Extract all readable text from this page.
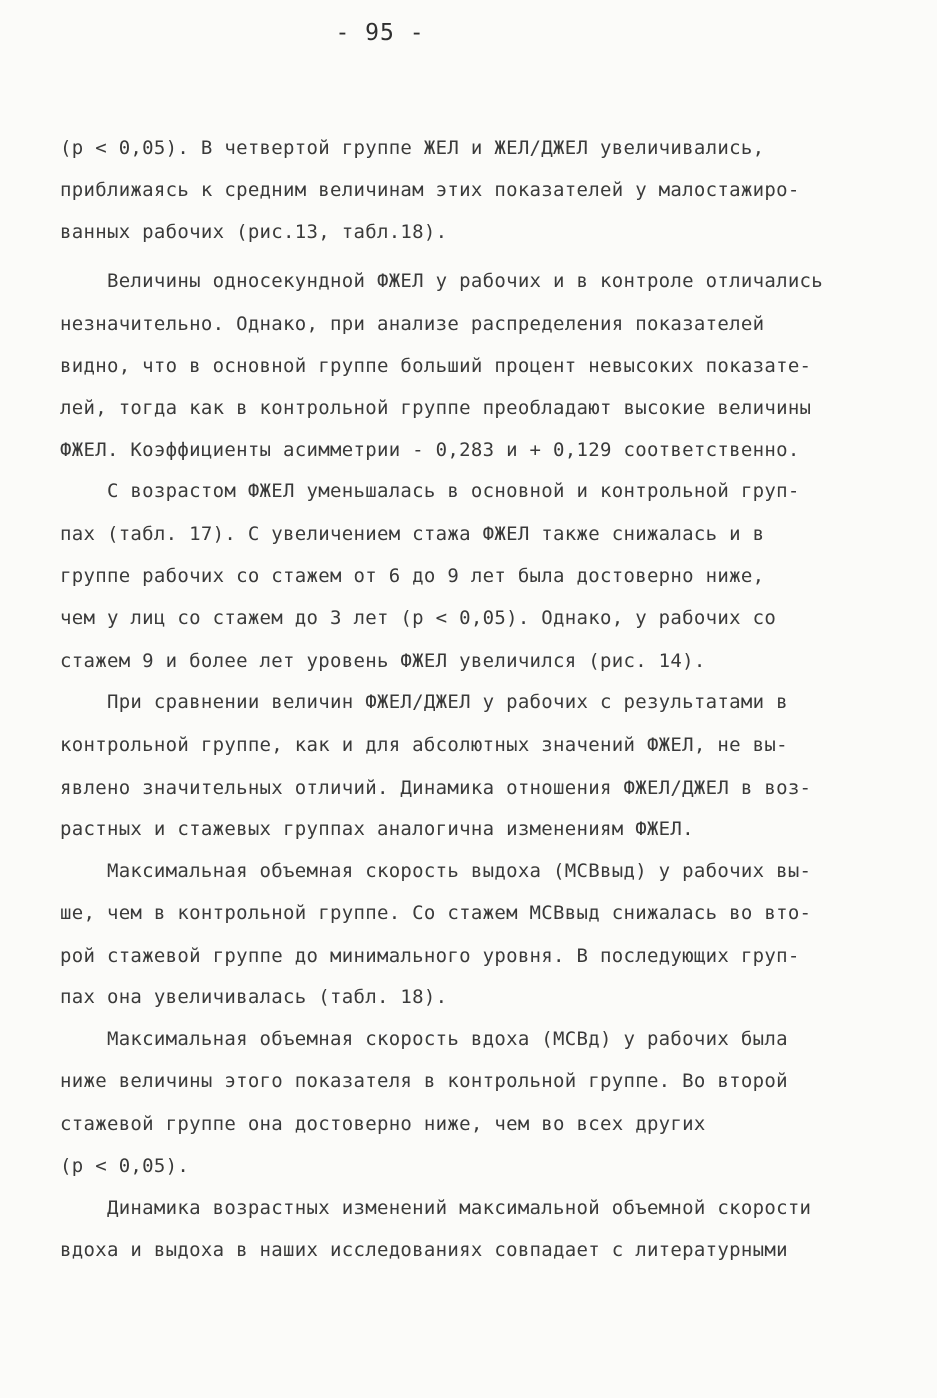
- 95 -
(р < 0,05). В четвертой группе ЖЕЛ и ЖЕЛ/ДЖЕЛ увеличивались,
приближаясь к средним величинам этих показателей у малостажиро-
ванных рабочих (рис.13, табл.18).
Величины односекундной ФЖЕЛ у рабочих и в контроле отличались
незначительно. Однако, при анализе распределения показателей
видно, что в основной группе больший процент невысоких показате-
лей, тогда как в контрольной группе преобладают высокие величины
ФЖЕЛ. Коэффициенты асимметрии - 0,283 и + 0,129 соответственно.
С возрастом ФЖЕЛ уменьшалась в основной и контрольной груп-
пах (табл. 17). С увеличением стажа ФЖЕЛ также снижалась и в
группе рабочих со стажем от 6 до 9 лет была достоверно ниже,
чем у лиц со стажем до 3 лет (р < 0,05). Однако, у рабочих со
стажем 9 и более лет уровень ФЖЕЛ увеличился (рис. 14).
При сравнении величин ФЖЕЛ/ДЖЕЛ у рабочих с результатами в
контрольной группе, как и для абсолютных значений ФЖЕЛ, не вы-
явлено значительных отличий. Динамика отношения ФЖЕЛ/ДЖЕЛ в воз-
растных и стажевых группах аналогична изменениям ФЖЕЛ.
Максимальная объемная скорость выдоха (МСВвыд) у рабочих вы-
ше, чем в контрольной группе. Со стажем МСВвыд снижалась во вто-
рой стажевой группе до минимального уровня. В последующих груп-
пах она увеличивалась (табл. 18).
Максимальная объемная скорость вдоха (МСВд) у рабочих была
ниже величины этого показателя в контрольной группе. Во второй
стажевой группе она достоверно ниже, чем во всех других
(р < 0,05).
Динамика возрастных изменений максимальной объемной скорости
вдоха и выдоха в наших исследованиях совпадает с литературными
